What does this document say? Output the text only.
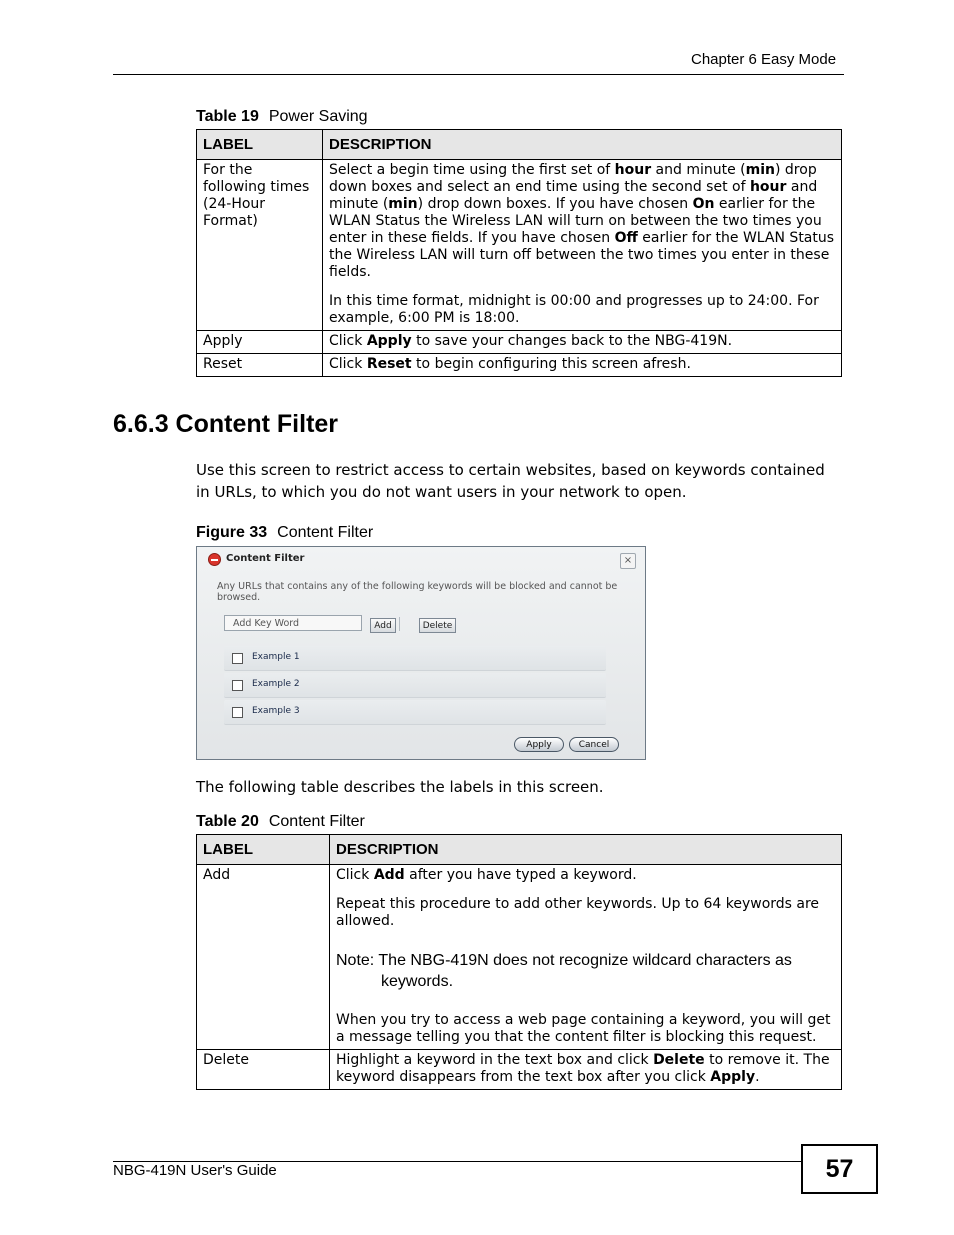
Chapter 6 Easy Mode
Table 19 Power Saving
LABEL	DESCRIPTION
For the following times (24-Hour Format)	Select a begin time using the first set of hour and minute (min) drop down boxes and select an end time using the second set of hour and minute (min) drop down boxes. If you have chosen On earlier for the WLAN Status the Wireless LAN will turn on between the two times you enter in these fields. If you have chosen Off earlier for the WLAN Status the Wireless LAN will turn off between the two times you enter in these fields.

In this time format, midnight is 00:00 and progresses up to 24:00. For example, 6:00 PM is 18:00.

Apply	Click Apply to save your changes back to the NBG-419N.

Reset	Click Reset to begin configuring this screen afresh.

6.6.3 Content Filter
Use this screen to restrict access to certain websites, based on keywords contained in URLs, to which you do not want users in your network to open.
Figure 33 Content Filter
Content Filter	×
Any URLs that contains any of the following keywords will be blocked and cannot be browsed.
Add Key Word	Add	Delete
Example 1
Example 2
Example 3
Apply	Cancel
The following table describes the labels in this screen.
Table 20 Content Filter
LABEL	DESCRIPTION
Add	Click Add after you have typed a keyword.

Repeat this procedure to add other keywords. Up to 64 keywords are allowed.

Note: The NBG-419N does not recognize wildcard characters as keywords.

When you try to access a web page containing a keyword, you will get a message telling you that the content filter is blocking this request.

Delete	Highlight a keyword in the text box and click Delete to remove it. The keyword disappears from the text box after you click Apply.

NBG-419N User's Guide	57
